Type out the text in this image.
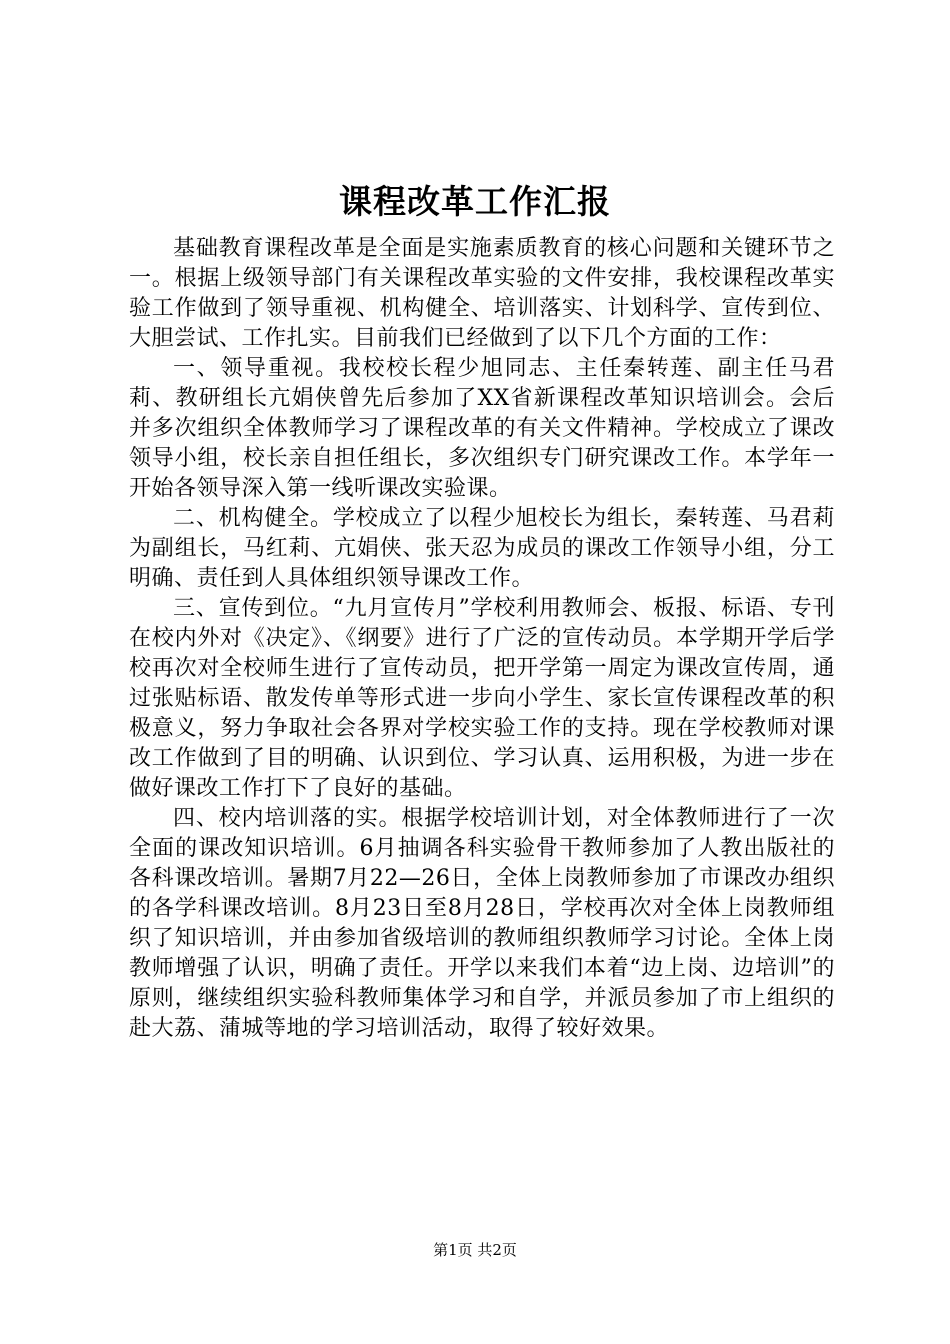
课程改革工作汇报

基础教育课程改革是全面是实施素质教育的核心问题和关键环节之一。根据上级领导部门有关课程改革实验的文件安排，我校课程改革实验工作做到了领导重视、机构健全、培训落实、计划科学、宣传到位、大胆尝试、工作扎实。目前我们已经做到了以下几个方面的工作：

一、领导重视。我校校长程少旭同志、主任秦转莲、副主任马君莉、教研组长亢娟侠曾先后参加了XX省新课程改革知识培训会。会后并多次组织全体教师学习了课程改革的有关文件精神。学校成立了课改领导小组，校长亲自担任组长，多次组织专门研究课改工作。本学年一开始各领导深入第一线听课改实验课。

二、机构健全。学校成立了以程少旭校长为组长，秦转莲、马君莉为副组长，马红莉、亢娟侠、张天忍为成员的课改工作领导小组，分工明确、责任到人具体组织领导课改工作。

三、宣传到位。“九月宣传月”学校利用教师会、板报、标语、专刊在校内外对《决定》、《纲要》进行了广泛的宣传动员。本学期开学后学校再次对全校师生进行了宣传动员，把开学第一周定为课改宣传周，通过张贴标语、散发传单等形式进一步向小学生、家长宣传课程改革的积极意义，努力争取社会各界对学校实验工作的支持。现在学校教师对课改工作做到了目的明确、认识到位、学习认真、运用积极，为进一步在做好课改工作打下了良好的基础。

四、校内培训落的实。根据学校培训计划，对全体教师进行了一次全面的课改知识培训。6月抽调各科实验骨干教师参加了人教出版社的各科课改培训。暑期7月22—26日，全体上岗教师参加了市课改办组织的各学科课改培训。8月23日至8月28日，学校再次对全体上岗教师组织了知识培训，并由参加省级培训的教师组织教师学习讨论。全体上岗教师增强了认识，明确了责任。开学以来我们本着“边上岗、边培训”的原则，继续组织实验科教师集体学习和自学，并派员参加了市上组织的赴大荔、蒲城等地的学习培训活动，取得了较好效果。

第1页 共2页
